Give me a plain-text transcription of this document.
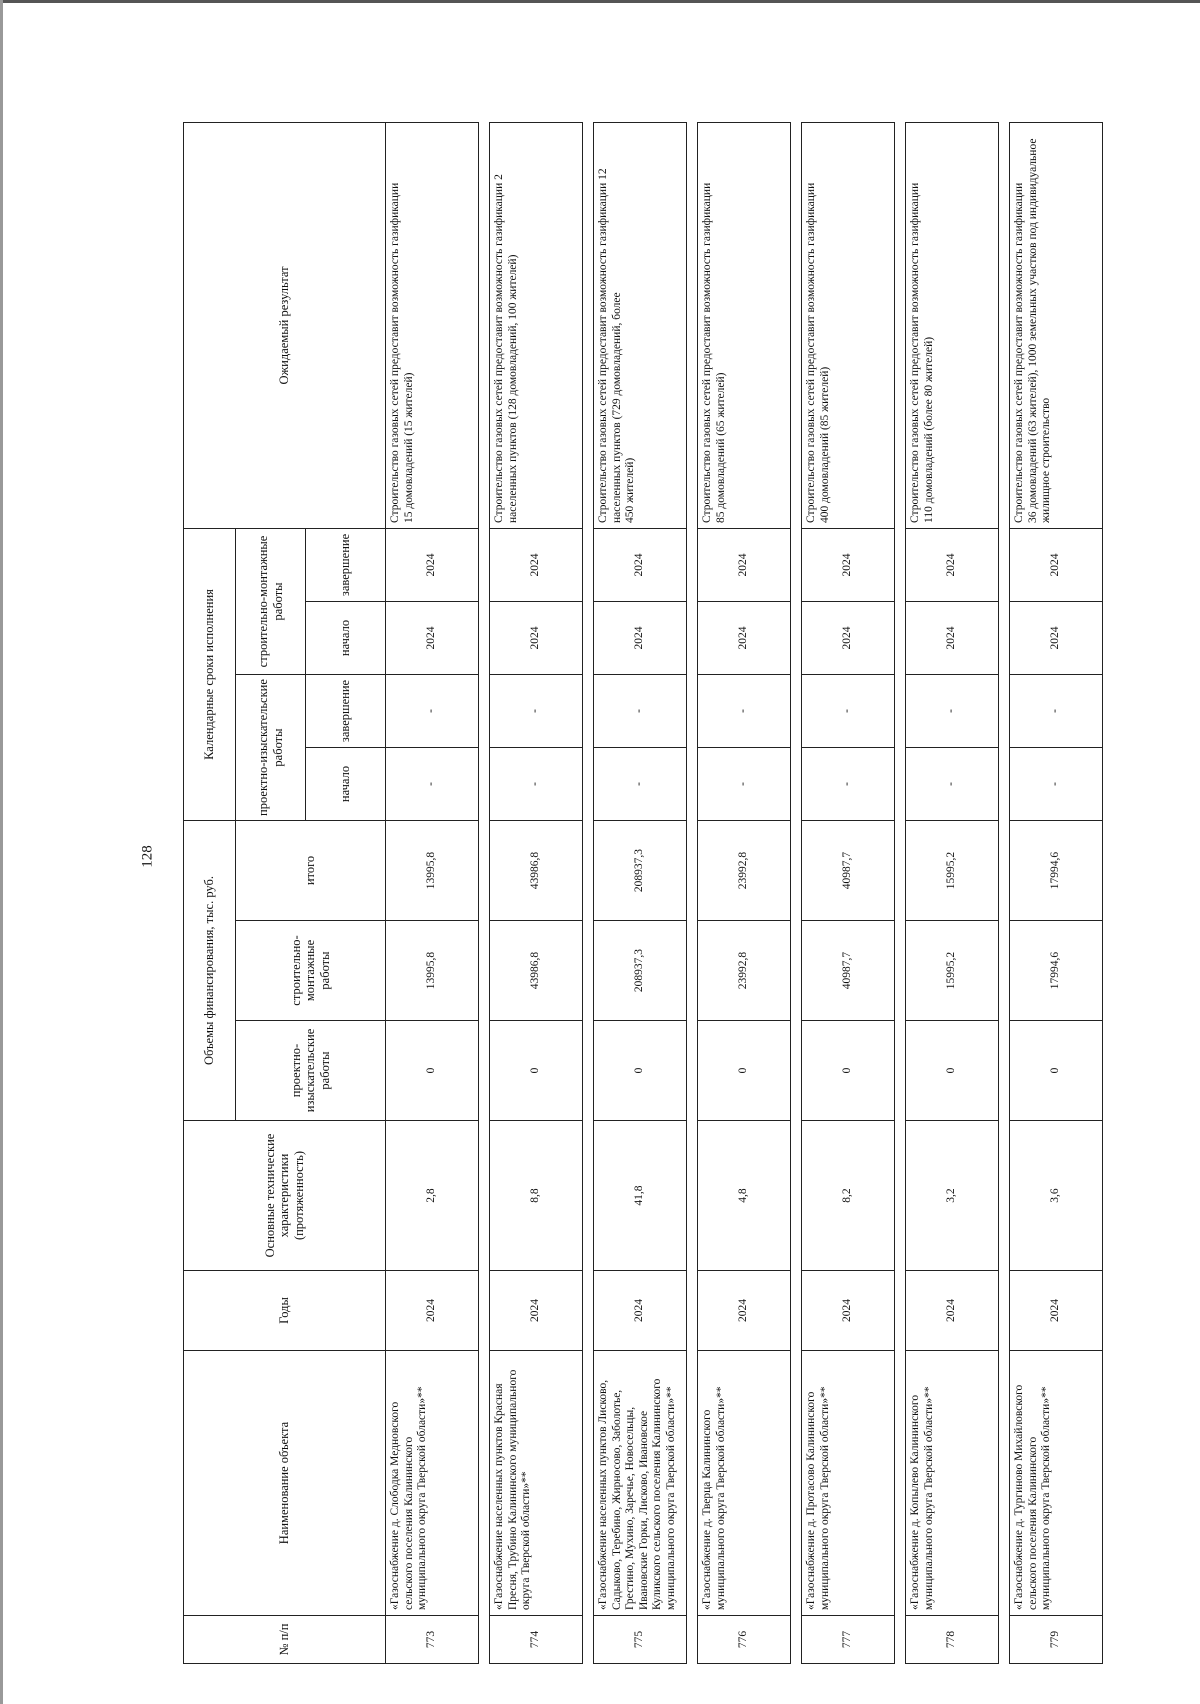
128
№ п/п	Наименование объекта	Годы	Основные технические характеристики (протяженность)	Объемы финансирования, тыс. руб.			Календарные сроки исполнения				Ожидаемый результат
				проектно-изыскательские работы	строительно-монтажные работы	итого	проектно-изыскательские работы		строительно-монтажные работы		
							начало	завершение	начало	завершение	
773	«Газоснабжение д. Слободка Медновского сельского поселения Калининского муниципального округа Тверской области»**	2024	2,8	0	13995,8	13995,8	-	-	2024	2024	Строительство газовых сетей предоставит возможность газификации
15 домовладений (15 жителей)

774	«Газоснабжение населенных пунктов Красная Пресня, Трубино Калининского муниципального округа Тверской области»**	2024	8,8	0	43986,8	43986,8	-	-	2024	2024	Строительство газовых сетей предоставит возможность газификации 2 населенных пунктов (128 домовладений, 100 жителей)

775	«Газоснабжение населенных пунктов Лисково, Садыково, Теребино, Жирносово, Заболотье, Грестино, Мухино, Заречье, Новосельцы, Ивановские Горки, Лисково, Ивановское Куликского сельского поселения Калининского муниципального округа Тверской области»**	2024	41,8	0	208937,3	208937,3	-	-	2024	2024	Строительство газовых сетей предоставит возможность газификации 12 населенных пунктов (729 домовладений, более
450 жителей)

776	«Газоснабжение д. Тверца Калининского муниципального округа Тверской области»**	2024	4,8	0	23992,8	23992,8	-	-	2024	2024	Строительство газовых сетей предоставит возможность газификации
85 домовладений (65 жителей)

777	«Газоснабжение д. Протасово Калининского муниципального округа Тверской области»**	2024	8,2	0	40987,7	40987,7	-	-	2024	2024	Строительство газовых сетей предоставит возможность газификации
400 домовладений (85 жителей)

778	«Газоснабжение д. Копылево Калининского муниципального округа Тверской области»**	2024	3,2	0	15995,2	15995,2	-	-	2024	2024	Строительство газовых сетей предоставит возможность газификации
110 домовладений (более 80 жителей)

779	«Газоснабжение д. Тургиново Михайловского сельского поселения Калининского муниципального округа Тверской области»**	2024	3,6	0	17994,6	17994,6	-	-	2024	2024	Строительство газовых сетей предоставит возможность газификации
36 домовладений (63 жителей), 1000 земельных участков под индивидуальное жилищное строительство
